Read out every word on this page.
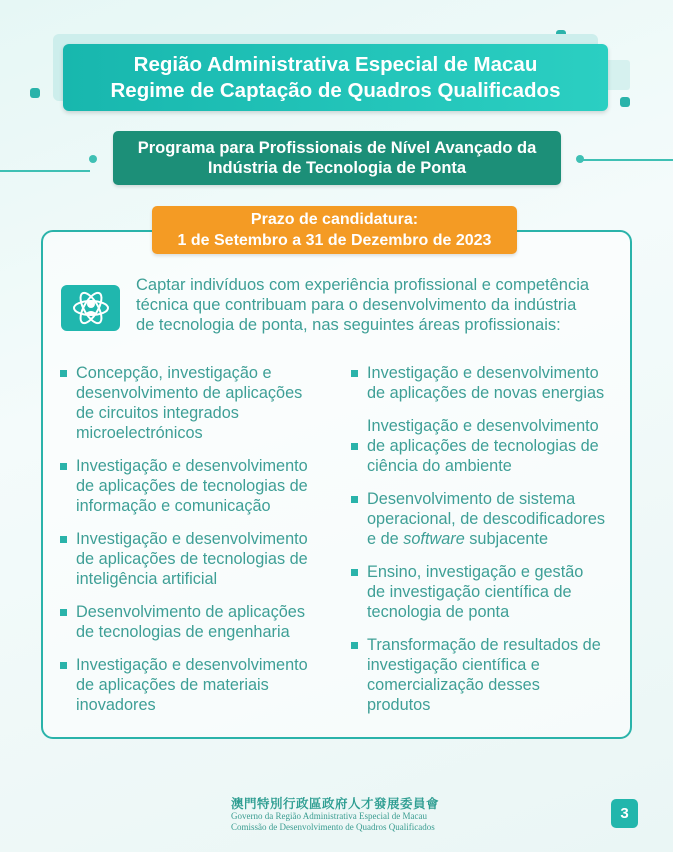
Região Administrativa Especial de Macau
Regime de Captação de Quadros Qualificados
Programa para Profissionais de Nível Avançado da
Indústria de Tecnologia de Ponta
Prazo de candidatura:
1 de Setembro a 31 de Dezembro de 2023
Captar indivíduos com experiência profissional e competência
técnica que contribuam para o desenvolvimento da indústria
de tecnologia de ponta, nas seguintes áreas profissionais:
Concepção, investigação e
desenvolvimento de aplicações
de circuitos integrados
microelectrónicos
Investigação e desenvolvimento
de aplicações de tecnologias de
informação e comunicação
Investigação e desenvolvimento
de aplicações de tecnologias de
inteligência artificial
Desenvolvimento de aplicações
de tecnologias de engenharia
Investigação e desenvolvimento
de aplicações de materiais
inovadores
Investigação e desenvolvimento
de aplicações de novas energias
Investigação e desenvolvimento
de aplicações de tecnologias de
ciência do ambiente
Desenvolvimento de sistema
operacional, de descodificadores
e de software subjacente
Ensino, investigação e gestão
de investigação científica de
tecnologia de ponta
Transformação de resultados de
investigação científica e
comercialização desses
produtos
澳門特別行政區政府人才發展委員會
Governo da Região Administrativa Especial de Macau
Comissão de Desenvolvimento de Quadros Qualificados
3
